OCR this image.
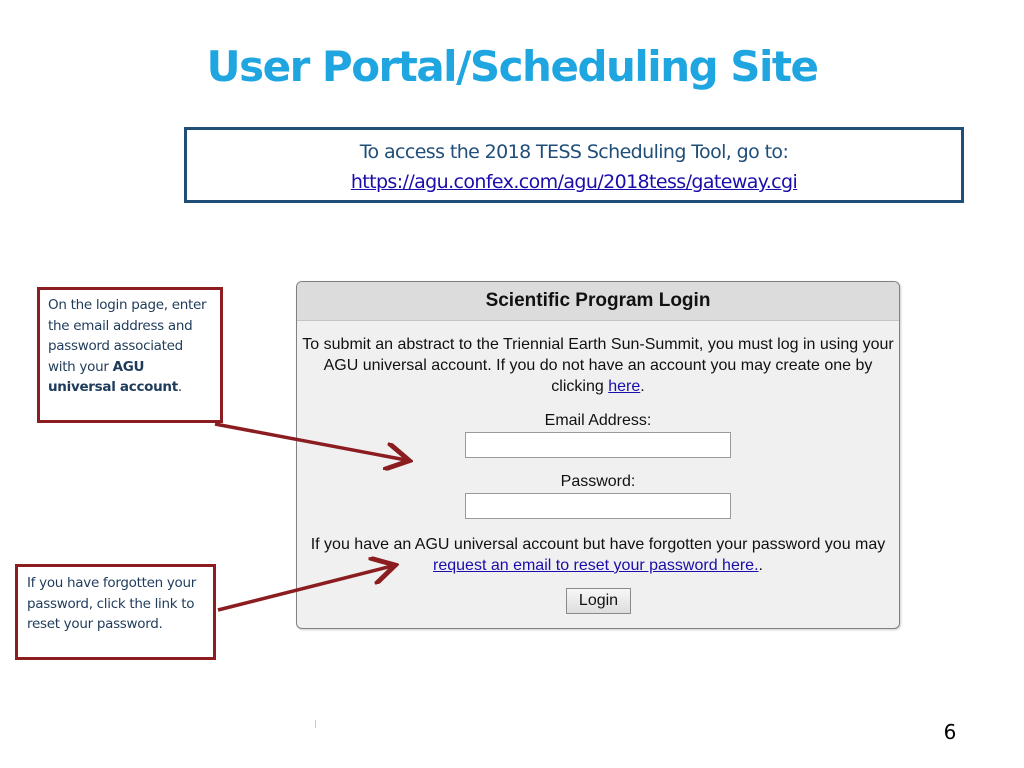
User Portal/Scheduling Site
To access the 2018 TESS Scheduling Tool, go to:
https://agu.confex.com/agu/2018tess/gateway.cgi
Scientific Program Login
To submit an abstract to the Triennial Earth Sun-Summit, you must log in using your AGU universal account. If you do not have an account you may create one by clicking here.
Email Address:
Password:
If you have an AGU universal account but have forgotten your password you may request an email to reset your password here..
Login
On the login page, enter the email address and password associated with your AGU universal account.
If you have forgotten your password, click the link to reset your password.
6
